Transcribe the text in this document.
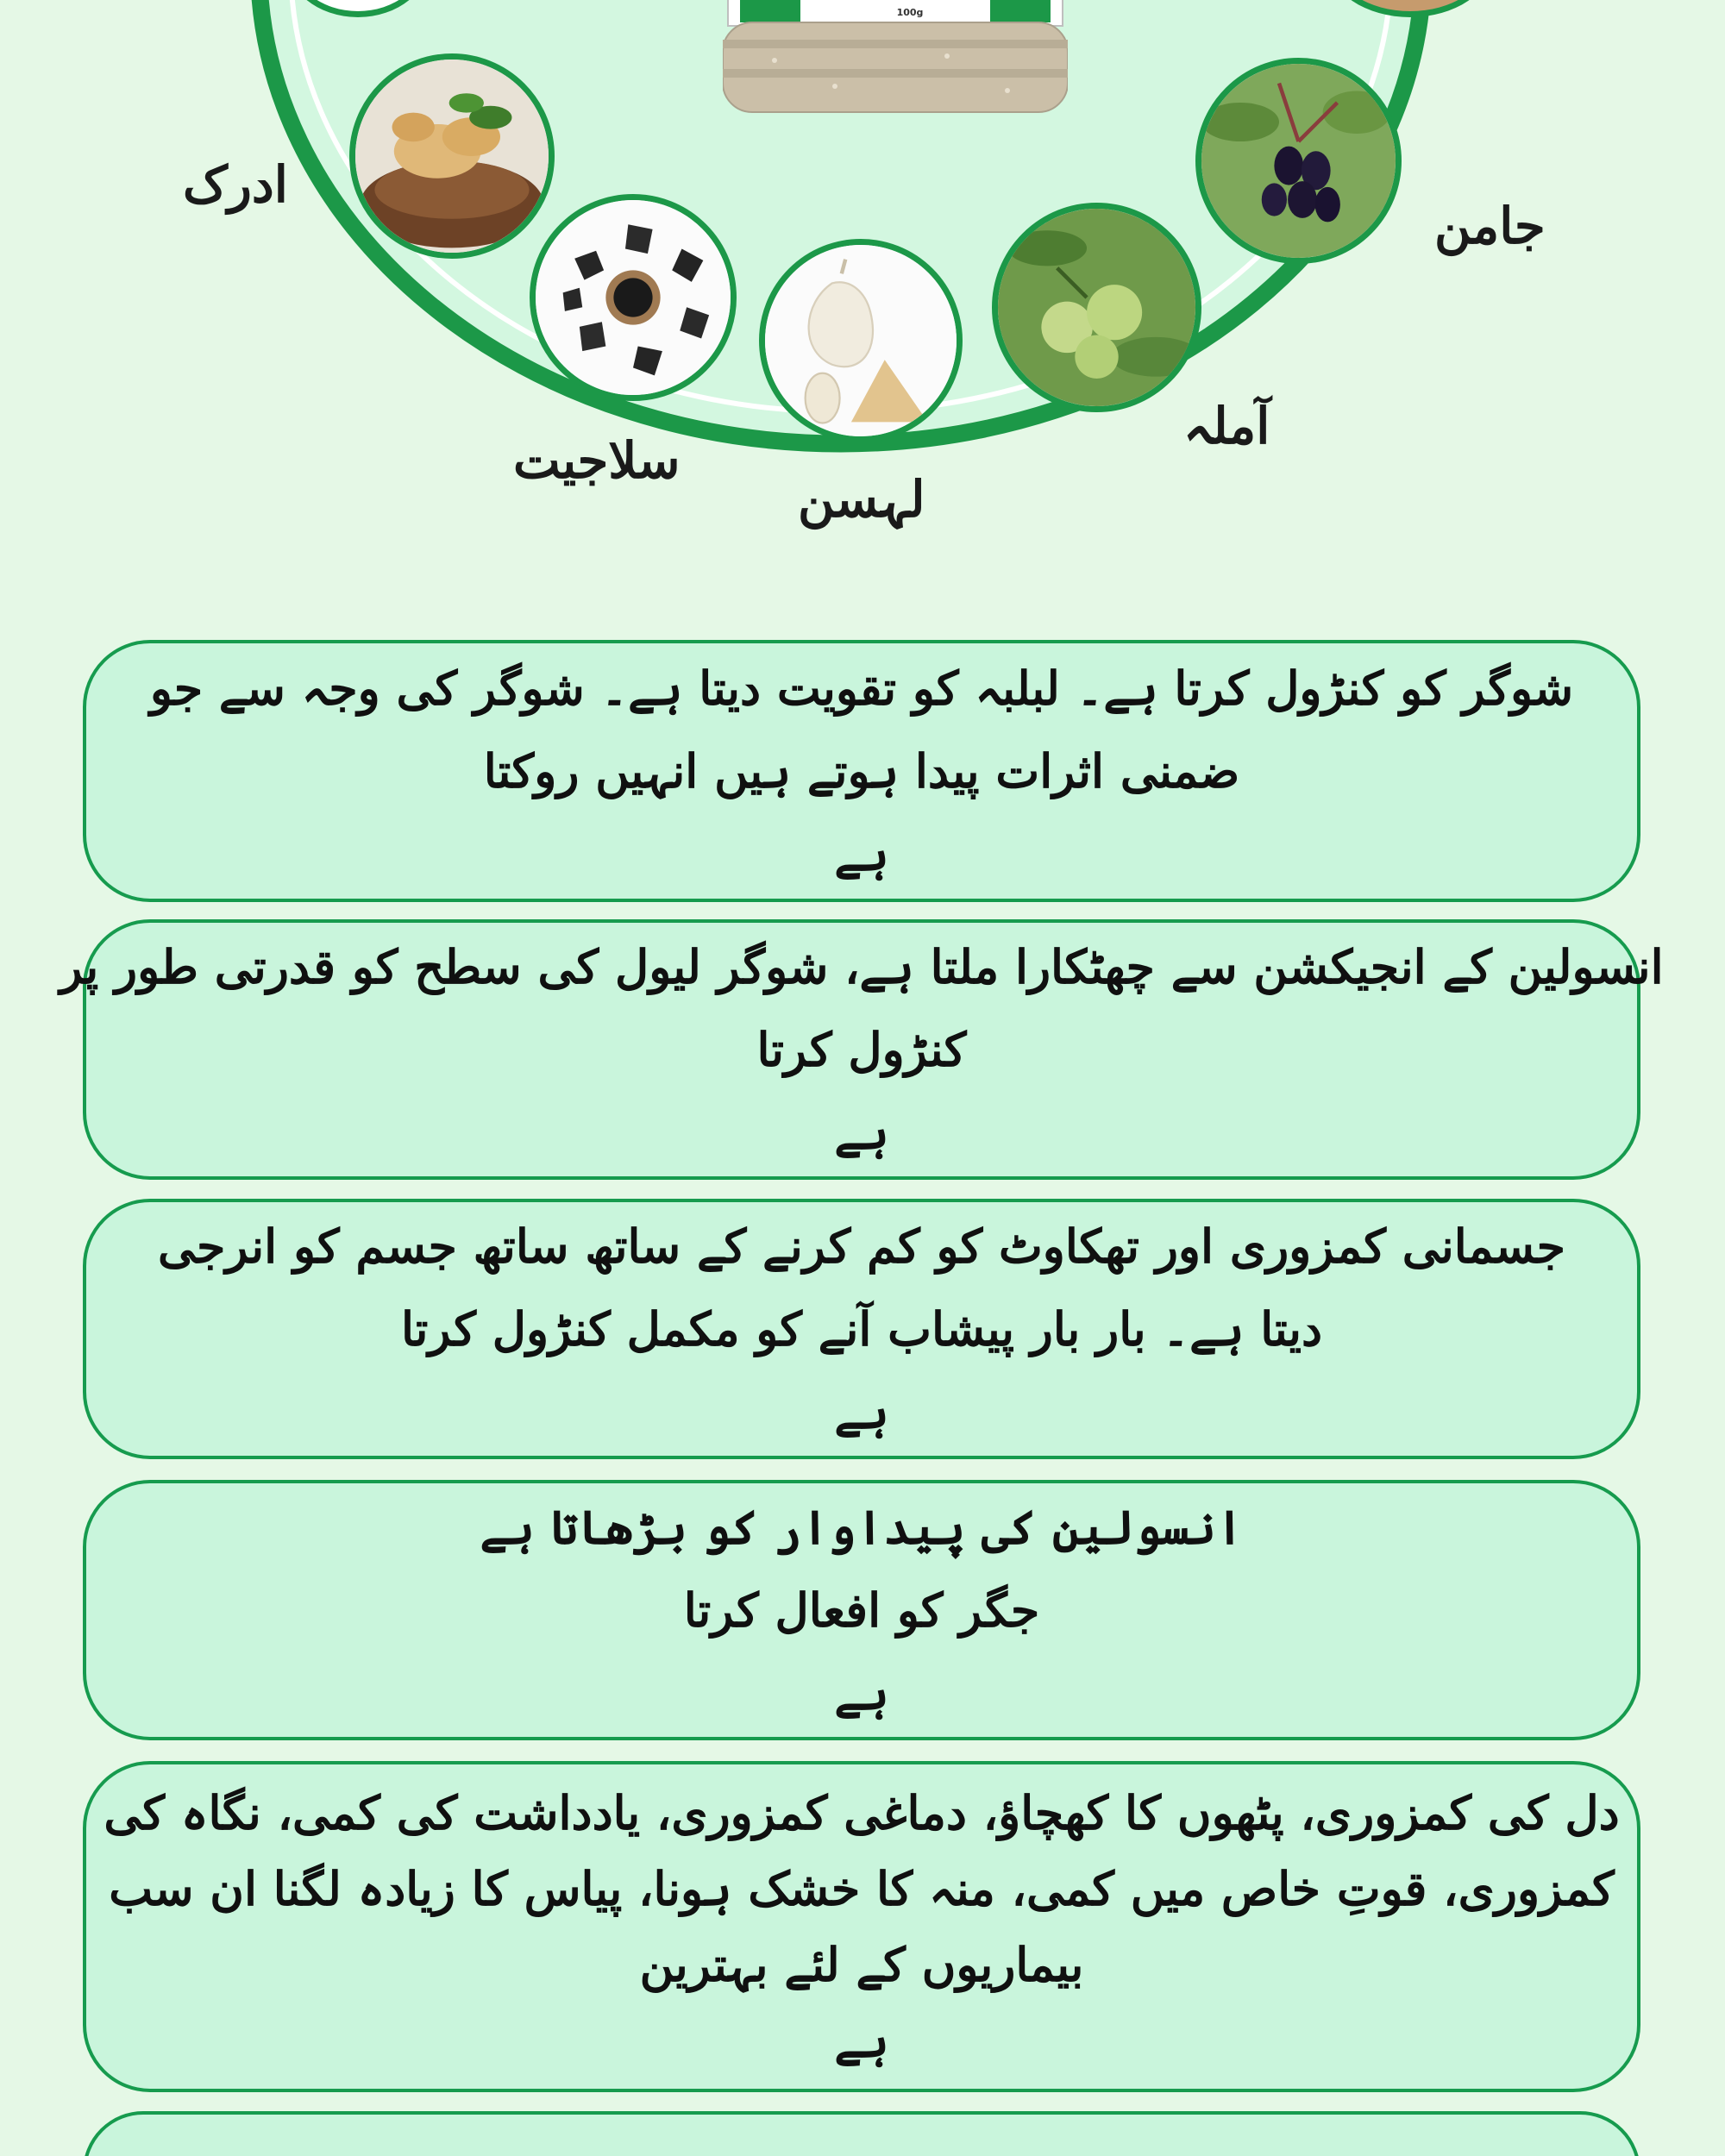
100g
ادرک
سلاجیت
لہسن
آملہ
جامن
شوگر کو کنڑول کرتا ہے۔ لبلبہ کو تقویت دیتا ہے۔ شوگر کی وجہ سے جو
ضمنی اثرات پیدا ہوتے ہیں انہیں روکتا
ہے
انسولین کے انجیکشن سے چھٹکارا ملتا ہے، شوگر لیول کی سطح کو قدرتی طور پر
کنڑول کرتا
ہے
جسمانی کمزوری اور تھکاوٹ کو کم کرنے کے ساتھ ساتھ جسم کو انرجی
دیتا ہے۔ بار بار پیشاب آنے کو مکمل کنڑول کرتا
ہے
انسولین کی پیداوار کو بڑھاتا ہے
جگر کو افعال کرتا
ہے
دل کی کمزوری، پٹھوں کا کھچاؤ، دماغی کمزوری، یادداشت کی کمی، نگاہ کی
کمزوری، قوتِ خاص میں کمی، منہ کا خشک ہونا، پیاس کا زیادہ لگنا ان سب
بیماریوں کے لئے بہترین
ہے
